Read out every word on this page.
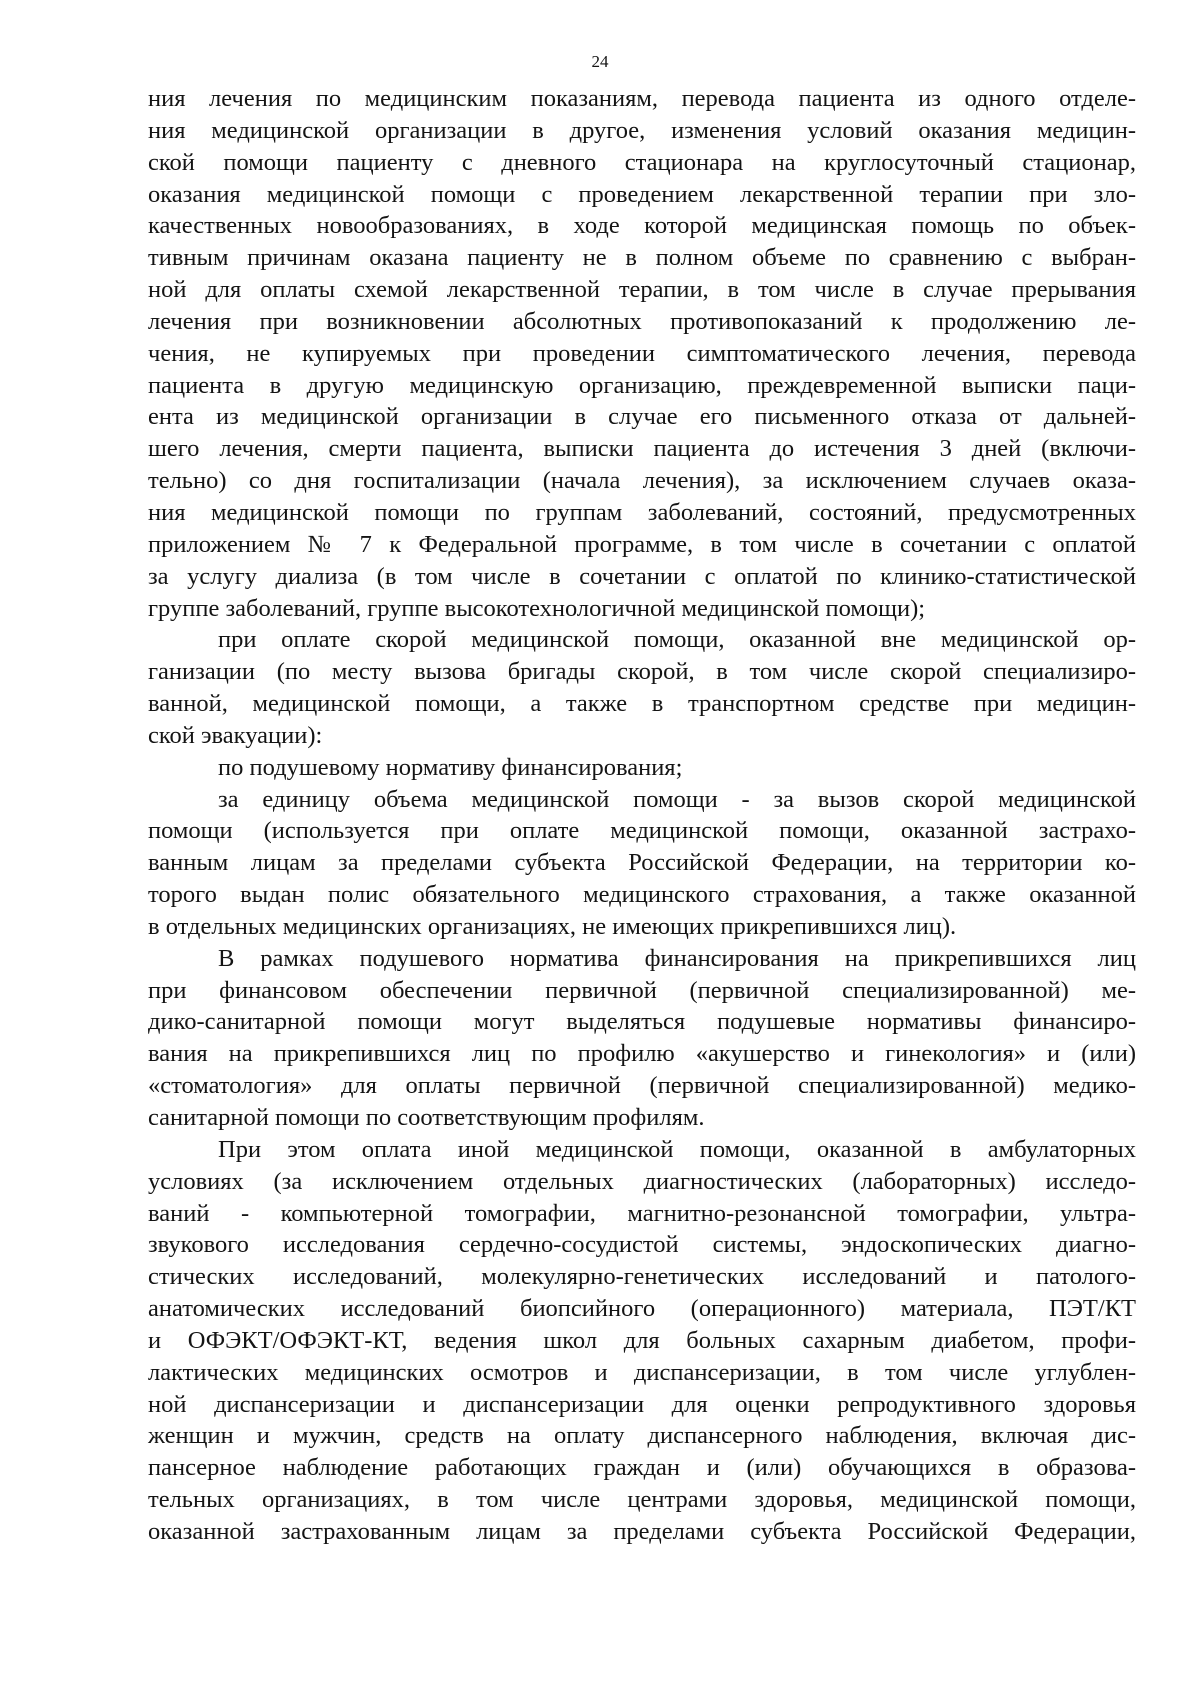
24
ния лечения по медицинским показаниям, перевода пациента из одного отделе-
ния медицинской организации в другое, изменения условий оказания медицин-
ской помощи пациенту с дневного стационара на круглосуточный стационар,
оказания медицинской помощи с проведением лекарственной терапии при зло-
качественных новообразованиях, в ходе которой медицинская помощь по объек-
тивным причинам оказана пациенту не в полном объеме по сравнению с выбран-
ной для оплаты схемой лекарственной терапии, в том числе в случае прерывания
лечения при возникновении абсолютных противопоказаний к продолжению ле-
чения, не купируемых при проведении симптоматического лечения, перевода
пациента в другую медицинскую организацию, преждевременной выписки паци-
ента из медицинской организации в случае его письменного отказа от дальней-
шего лечения, смерти пациента, выписки пациента до истечения 3 дней (включи-
тельно) со дня госпитализации (начала лечения), за исключением случаев оказа-
ния медицинской помощи по группам заболеваний, состояний, предусмотренных
приложением № 7 к Федеральной программе, в том числе в сочетании с оплатой
за услугу диализа (в том числе в сочетании с оплатой по клинико-статистической
группе заболеваний, группе высокотехнологичной медицинской помощи);
при оплате скорой медицинской помощи, оказанной вне медицинской ор-
ганизации (по месту вызова бригады скорой, в том числе скорой специализиро-
ванной, медицинской помощи, а также в транспортном средстве при медицин-
ской эвакуации):
по подушевому нормативу финансирования;
за единицу объема медицинской помощи - за вызов скорой медицинской
помощи (используется при оплате медицинской помощи, оказанной застрахо-
ванным лицам за пределами субъекта Российской Федерации, на территории ко-
торого выдан полис обязательного медицинского страхования, а также оказанной
в отдельных медицинских организациях, не имеющих прикрепившихся лиц).
В рамках подушевого норматива финансирования на прикрепившихся лиц
при финансовом обеспечении первичной (первичной специализированной) ме-
дико-санитарной помощи могут выделяться подушевые нормативы финансиро-
вания на прикрепившихся лиц по профилю «акушерство и гинекология» и (или)
«стоматология» для оплаты первичной (первичной специализированной) медико-
санитарной помощи по соответствующим профилям.
При этом оплата иной медицинской помощи, оказанной в амбулаторных
условиях (за исключением отдельных диагностических (лабораторных) исследо-
ваний - компьютерной томографии, магнитно-резонансной томографии, ультра-
звукового исследования сердечно-сосудистой системы, эндоскопических диагно-
стических исследований, молекулярно-генетических исследований и патолого-
анатомических исследований биопсийного (операционного) материала, ПЭТ/КТ
и ОФЭКТ/ОФЭКТ-КТ, ведения школ для больных сахарным диабетом, профи-
лактических медицинских осмотров и диспансеризации, в том числе углублен-
ной диспансеризации и диспансеризации для оценки репродуктивного здоровья
женщин и мужчин, средств на оплату диспансерного наблюдения, включая дис-
пансерное наблюдение работающих граждан и (или) обучающихся в образова-
тельных организациях, в том числе центрами здоровья, медицинской помощи,
оказанной застрахованным лицам за пределами субъекта Российской Федерации,
